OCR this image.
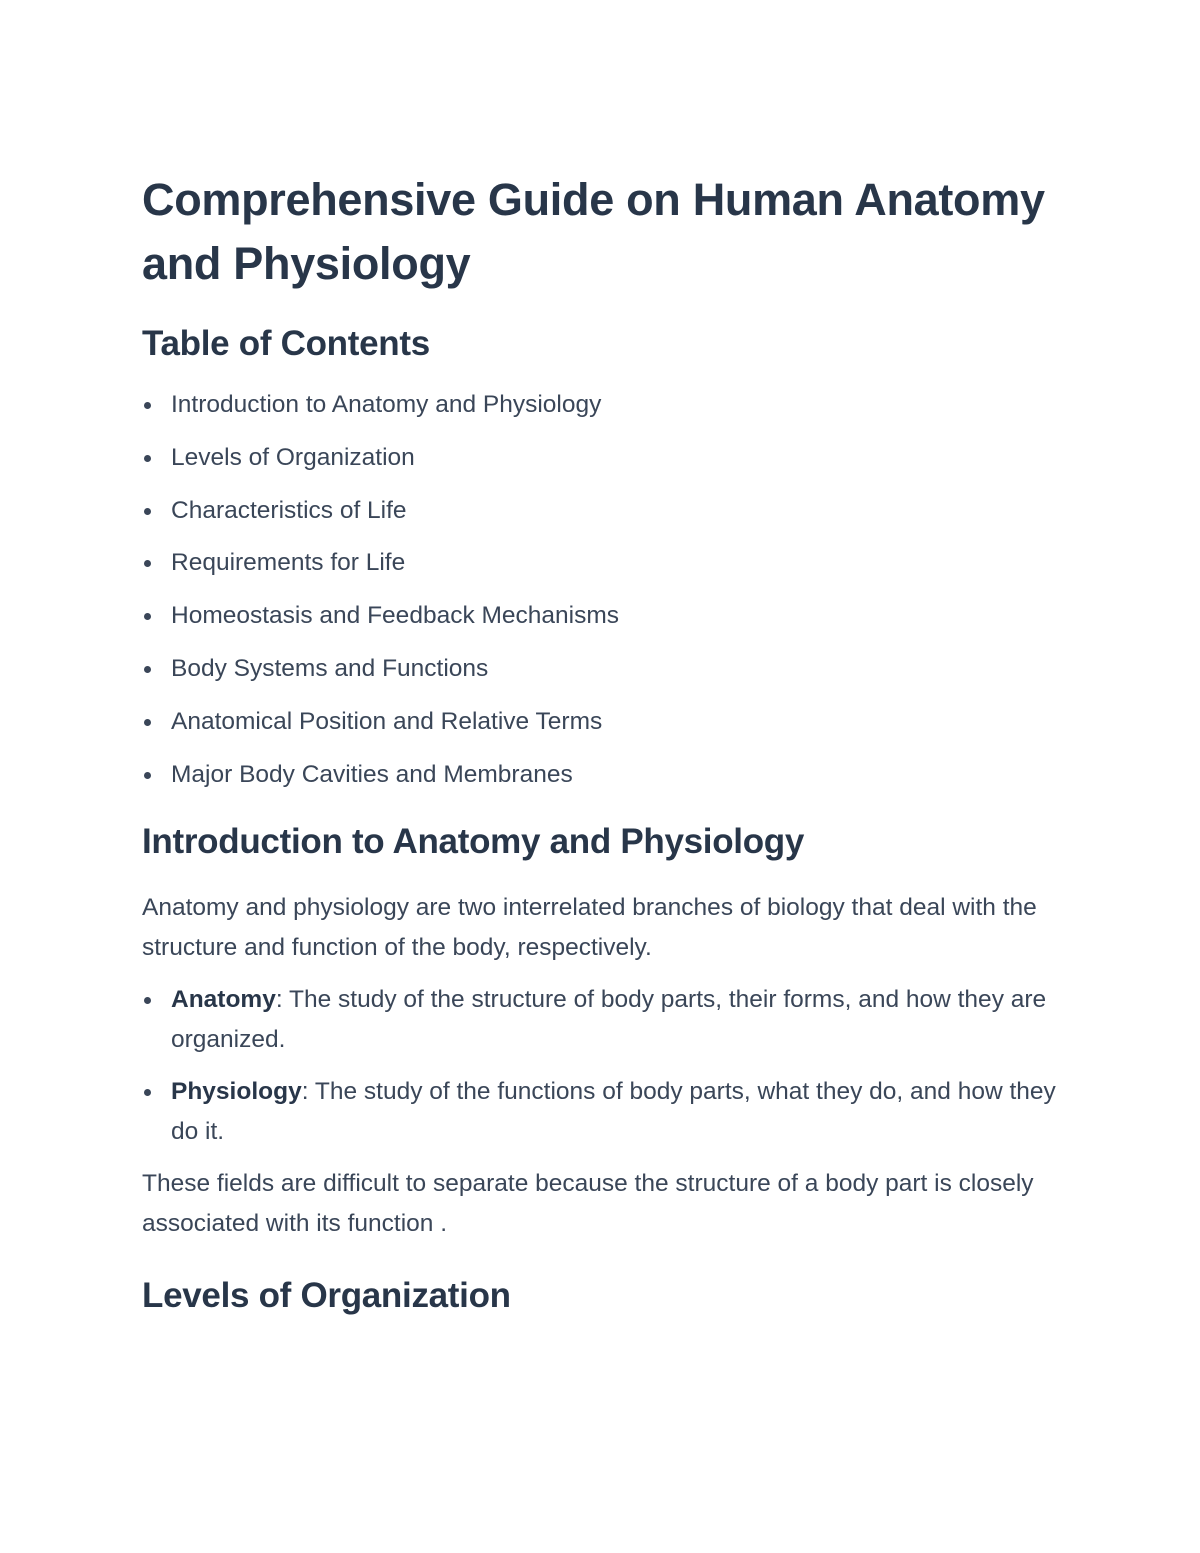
Comprehensive Guide on Human Anatomy and Physiology
Table of Contents
Introduction to Anatomy and Physiology
Levels of Organization
Characteristics of Life
Requirements for Life
Homeostasis and Feedback Mechanisms
Body Systems and Functions
Anatomical Position and Relative Terms
Major Body Cavities and Membranes
Introduction to Anatomy and Physiology

Anatomy and physiology are two interrelated branches of biology that deal with the structure and function of the body, respectively.

Anatomy: The study of the structure of body parts, their forms, and how they are organized.
Physiology: The study of the functions of body parts, what they do, and how they do it.

These fields are difficult to separate because the structure of a body part is closely associated with its function .

Levels of Organization
